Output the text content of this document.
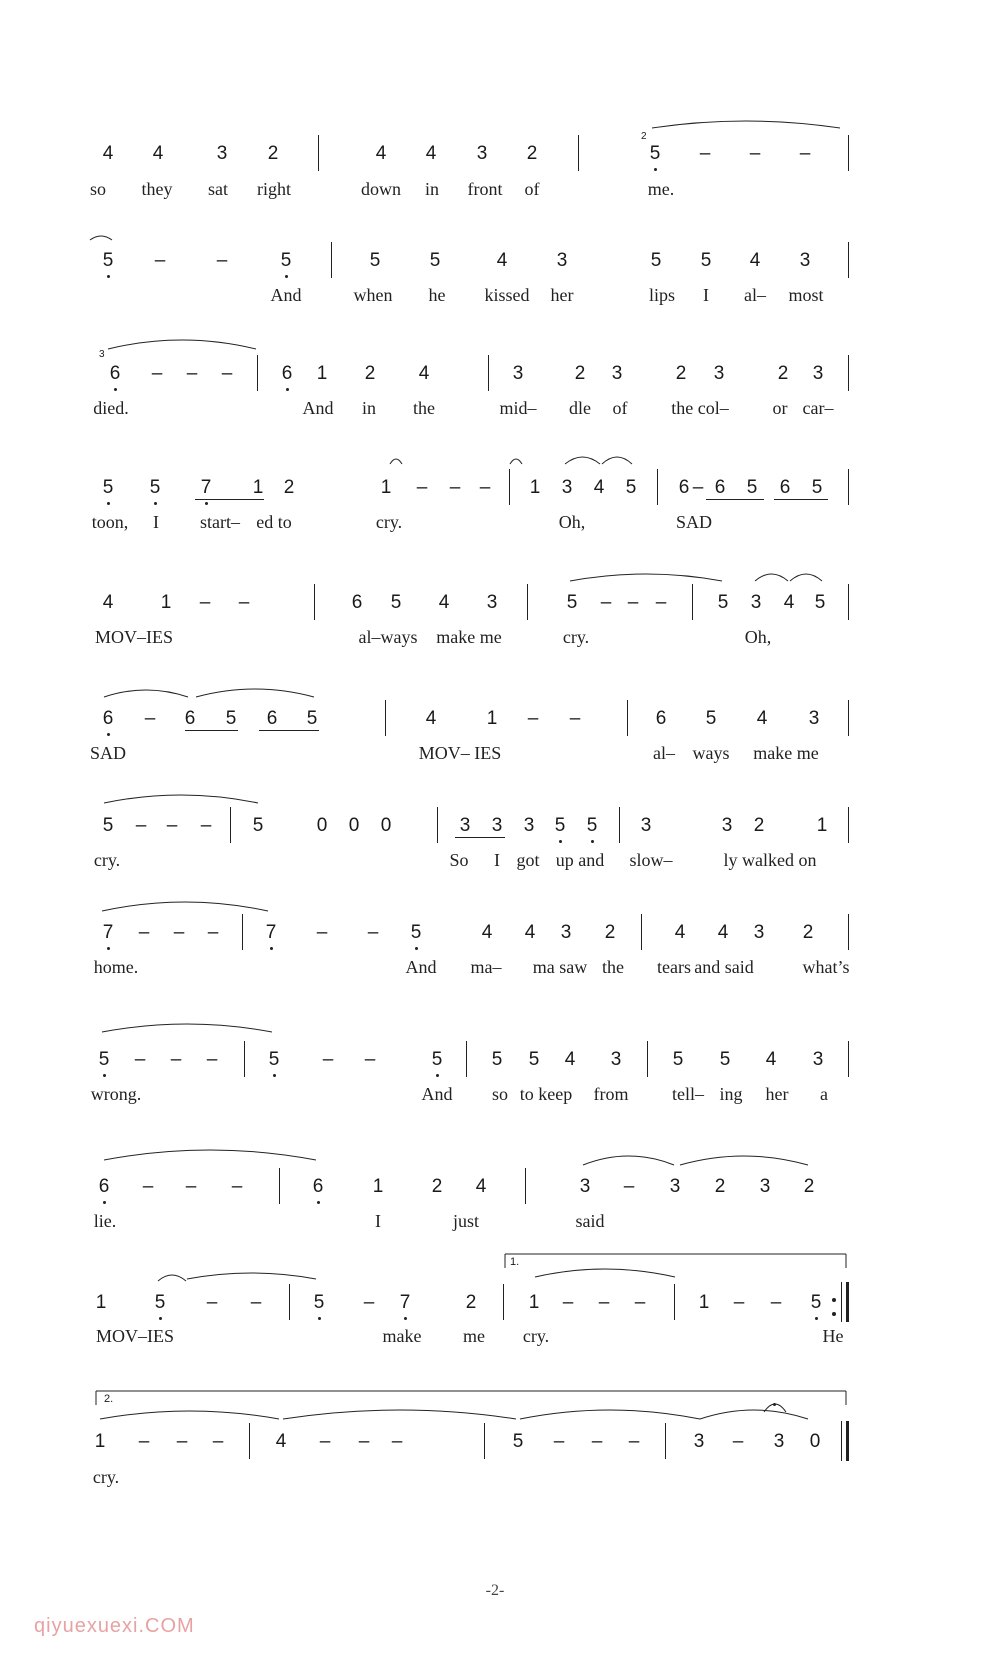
4 4	3 2	4 4 3 2	5 – – –
so they sat right	down in front of	me.
5 –	–	5	5	5	4	3	5 5 4 3
And	when he kissed her	lips I al– most
6 – – –	6 1 2 4	3	2 3	2 3	2 3
died.	And in the	mid– dle of the col– or car–
5 5 7 1 2	1 – – – 1 3 4 5 6 – 6 5 6 5
toon, I start– ed to	cry.	Oh,	SAD
4 1 – –	6 5 4 3	5 – – –	5 3 4 5
MOV–IES	al–ways make me	cry.	Oh,
6 – 6 5 6 5	4	1 – –	6 5 4 3
SAD	MOV– IES	al– ways make me
5 – – – 5	0 0 0	3 3 3 5 5 3	3 2	1
cry.	So I got up and slow–	ly walked on
7 – – – 7 – – 5	4 4 3 2	4 4 3 2
home.	And ma– ma saw the tears and said	what’s
5 – – –	5 – –	5	5 5 4 3	5 5 4 3
wrong.	And so to keep from tell– ing her a
6 – – –	6	1	2 4	3 – 3 2 3 2
lie.	I	just	said
1	5 – –	5 – 7	2	1 – – –	1 – – 5
MOV–IES	make me cry.	He
1 – – –	4 – – –	5 – – –	3 – 3 0
cry.
2
3
1.
2.
-2-
qiyuexuexi.COM
